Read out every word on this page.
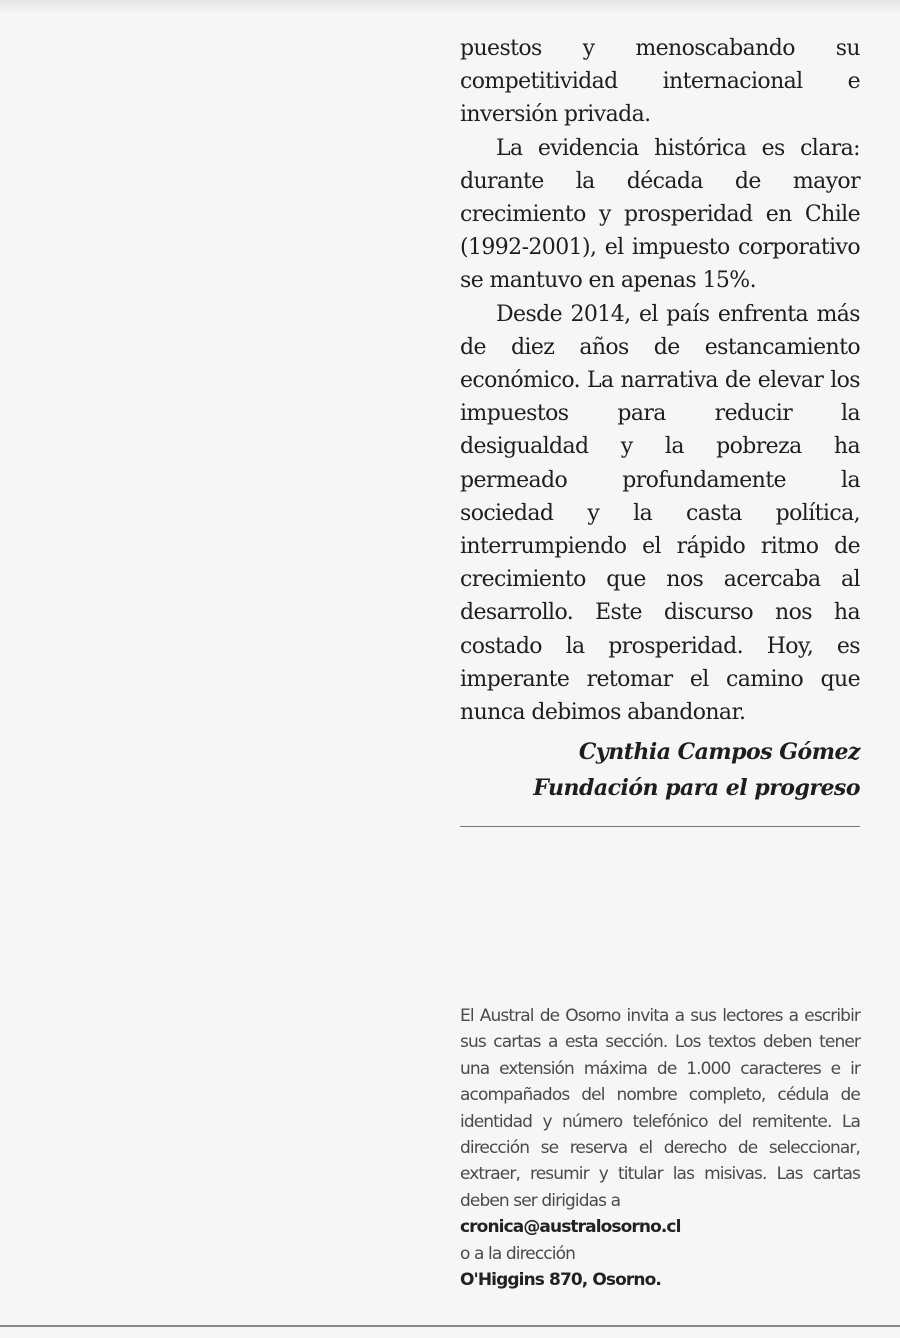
puestos y menoscabando su competitividad internacional e inversión privada.

La evidencia histórica es clara: durante la década de mayor crecimiento y prosperidad en Chile (1992-2001), el impuesto corporativo se mantuvo en apenas 15%.

Desde 2014, el país enfrenta más de diez años de estancamiento económico. La narrativa de elevar los impuestos para reducir la desigualdad y la pobreza ha permeado profundamente la sociedad y la casta política, interrumpiendo el rápido ritmo de crecimiento que nos acercaba al desarrollo. Este discurso nos ha costado la prosperidad. Hoy, es imperante retomar el camino que nunca debimos abandonar.

Cynthia Campos Gómez
Fundación para el progreso

El Austral de Osorno invita a sus lectores a escribir sus cartas a esta sección. Los textos deben tener una extensión máxima de 1.000 caracteres e ir acompañados del nombre completo, cédula de identidad y número telefónico del remitente. La dirección se reserva el derecho de seleccionar, extraer, resumir y titular las misivas. Las cartas deben ser dirigidas a

cronica@australosorno.cl
o a la dirección
O'Higgins 870, Osorno.
